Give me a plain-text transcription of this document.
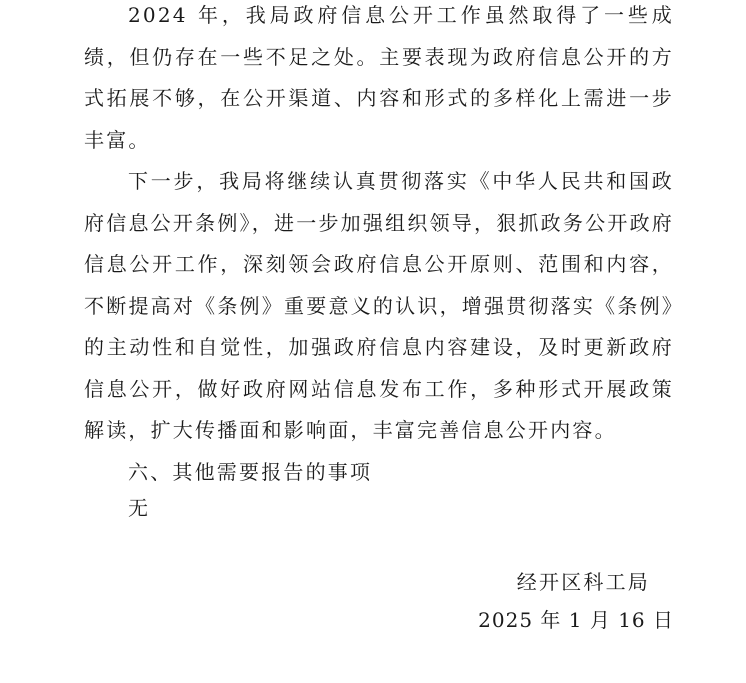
2024 年，我局政府信息公开工作虽然取得了一些成绩，但仍存在一些不足之处。主要表现为政府信息公开的方式拓展不够，在公开渠道、内容和形式的多样化上需进一步丰富。

下一步，我局将继续认真贯彻落实《中华人民共和国政府信息公开条例》，进一步加强组织领导，狠抓政务公开政府信息公开工作，深刻领会政府信息公开原则、范围和内容，不断提高对《条例》重要意义的认识，增强贯彻落实《条例》的主动性和自觉性，加强政府信息内容建设，及时更新政府信息公开，做好政府网站信息发布工作，多种形式开展政策解读，扩大传播面和影响面，丰富完善信息公开内容。

六、其他需要报告的事项

无

经开区科工局
2025 年 1 月 16 日
